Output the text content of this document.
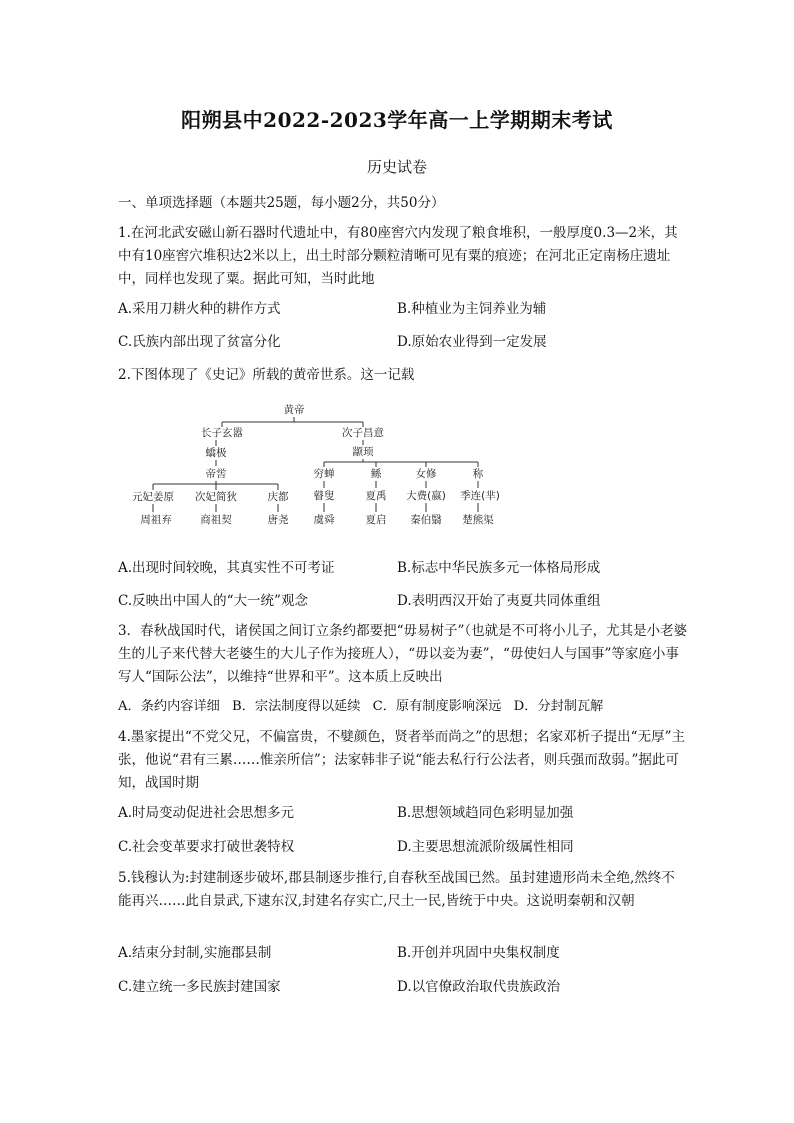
阳朔县中2022-2023学年高一上学期期末考试
历史试卷
一、单项选择题（本题共25题，每小题2分，共50分）
1.在河北武安磁山新石器时代遗址中，有80座窖穴内发现了粮食堆积，一般厚度0.3—2米，其中有10座窖穴堆积达2米以上，出土时部分颗粒清晰可见有粟的痕迹；在河北正定南杨庄遗址中，同样也发现了粟。据此可知，当时此地
A.采用刀耕火种的耕作方式	B.种植业为主饲养业为辅
C.氏族内部出现了贫富分化	D.原始农业得到一定发展
2.下图体现了《史记》所载的黄帝世系。这一记载
黄帝
长子玄嚣	次子昌意
蟜极
帝喾
元妃姜原 次妃简狄	庆都
周祖弃	商祖契	唐尧
颛顼
穷蝉	鲧	女修	称
瞽叟	夏禹 大费(嬴) 季连(芈)
虞舜	夏启 秦伯翳 楚熊渠
A.出现时间较晚，其真实性不可考证	B.标志中华民族多元一体格局形成
C.反映出中国人的“大一统”观念	D.表明西汉开始了夷夏共同体重组
3．春秋战国时代，诸侯国之间订立条约都要把“毋易树子”（也就是不可将小儿子，尤其是小老婆生的儿子来代替大老婆生的大儿子作为接班人），“毋以妾为妻”，“毋使妇人与国事”等家庭小事写人“国际公法”，以维持“世界和平”。这本质上反映出
A．条约内容详细 B．宗法制度得以延续 C．原有制度影响深远 D．分封制瓦解
4.墨家提出“不党父兄，不偏富贵，不嬖颜色，贤者举而尚之”的思想；名家邓析子提出“无厚”主张，他说“君有三累……惟亲所信”；法家韩非子说“能去私行行公法者，则兵强而敌弱。”据此可知，战国时期
A.时局变动促进社会思想多元	B.思想领域趋同色彩明显加强
C.社会变革要求打破世袭特权	D.主要思想流派阶级属性相同
5.钱穆认为:封建制逐步破坏,郡县制逐步推行,自春秋至战国已然。虽封建遗形尚未全绝,然终不能再兴……此自景武,下逮东汉,封建名存实亡,尺土一民,皆统于中央。这说明秦朝和汉朝
A.结束分封制,实施郡县制	B.开创并巩固中央集权制度
C.建立统一多民族封建国家	D.以官僚政治取代贵族政治
